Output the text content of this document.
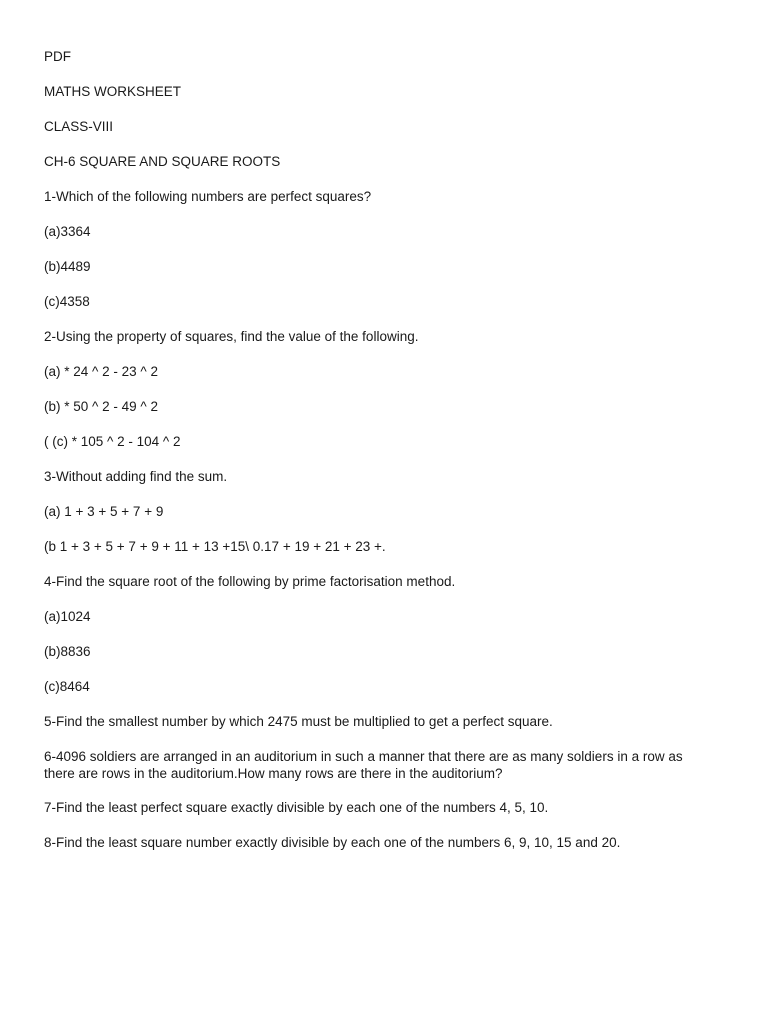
PDF

MATHS WORKSHEET

CLASS-VIII

CH-6 SQUARE AND SQUARE ROOTS

1-Which of the following numbers are perfect squares?

(a)3364

(b)4489

(c)4358

2-Using the property of squares, find the value of the following.

(a) * 24 ^ 2 - 23 ^ 2

(b) * 50 ^ 2 - 49 ^ 2

( (c) * 105 ^ 2 - 104 ^ 2

3-Without adding find the sum.

(a) 1 + 3 + 5 + 7 + 9

(b 1 + 3 + 5 + 7 + 9 + 11 + 13 +15\ 0.17 + 19 + 21 + 23 +.

4-Find the square root of the following by prime factorisation method.

(a)1024

(b)8836

(c)8464

5-Find the smallest number by which 2475 must be multiplied to get a perfect square.

6-4096 soldiers are arranged in an auditorium in such a manner that there are as many soldiers in a row as there are rows in the auditorium.How many rows are there in the auditorium?

7-Find the least perfect square exactly divisible by each one of the numbers 4, 5, 10.

8-Find the least square number exactly divisible by each one of the numbers 6, 9, 10, 15 and 20.
